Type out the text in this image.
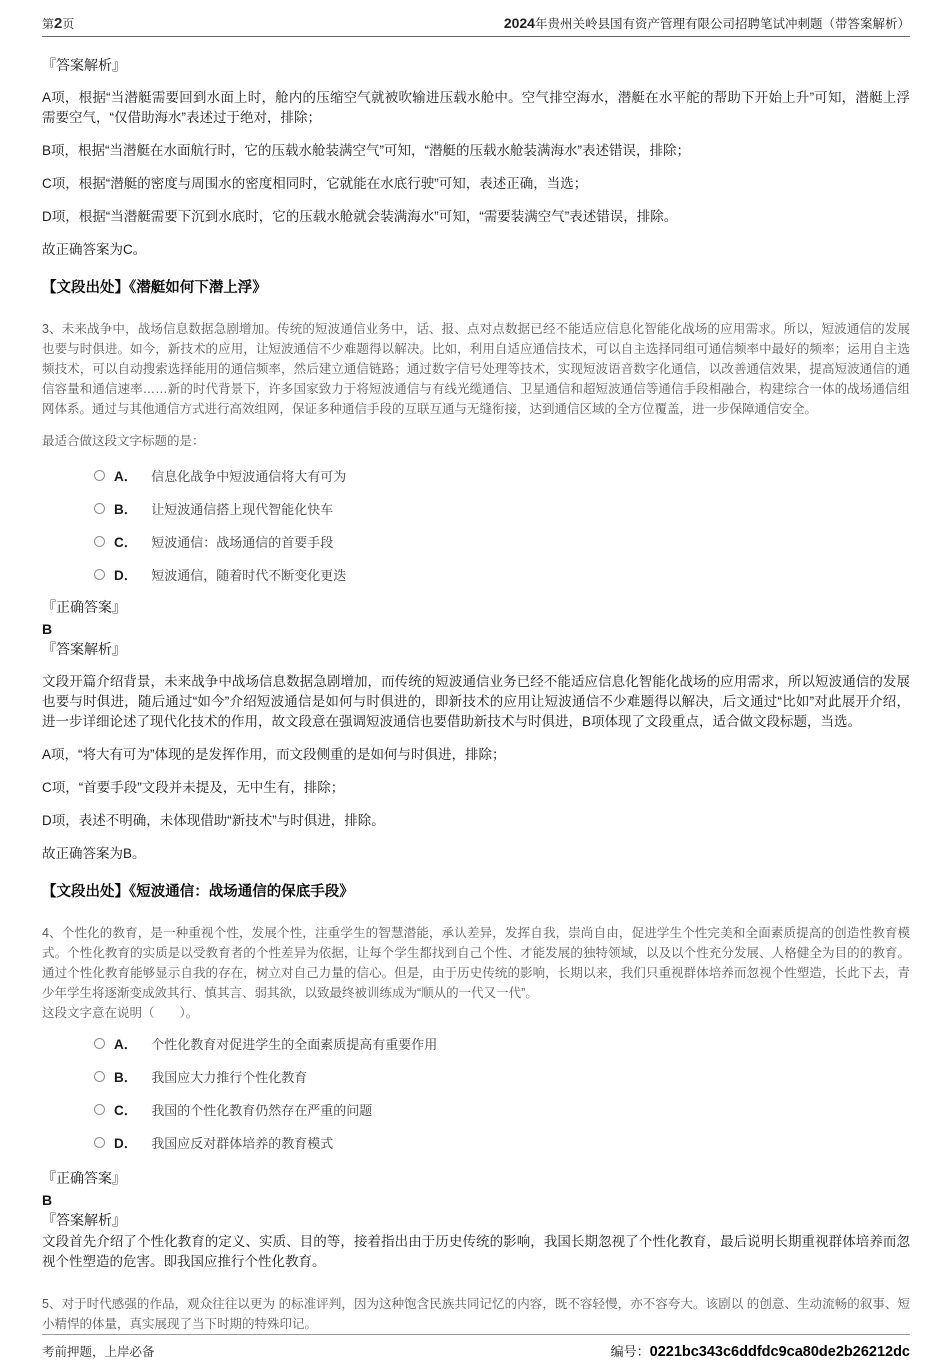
第2页	2024年贵州关岭县国有资产管理有限公司招聘笔试冲刺题（带答案解析）
『答案解析』

A项，根据“当潜艇需要回到水面上时，舱内的压缩空气就被吹输进压载水舱中。空气排空海水，潜艇在水平舵的帮助下开始上升”可知，潜艇上浮需要空气，“仅借助海水”表述过于绝对，排除；

B项，根据“当潜艇在水面航行时，它的压载水舱装满空气”可知，“潜艇的压载水舱装满海水”表述错误，排除；

C项，根据“潜艇的密度与周围水的密度相同时，它就能在水底行驶”可知，表述正确，当选；

D项，根据“当潜艇需要下沉到水底时，它的压载水舱就会装满海水”可知，“需要装满空气”表述错误，排除。

故正确答案为C。

【文段出处】《潜艇如何下潜上浮》

3、未来战争中，战场信息数据急剧增加。传统的短波通信业务中，话、报、点对点数据已经不能适应信息化智能化战场的应用需求。所以，短波通信的发展也要与时俱进。如今，新技术的应用，让短波通信不少难题得以解决。比如，利用自适应通信技术，可以自主选择同组可通信频率中最好的频率；运用自主选频技术，可以自动搜索选择能用的通信频率，然后建立通信链路；通过数字信号处理等技术，实现短波语音数字化通信，以改善通信效果，提高短波通信的通信容量和通信速率……新的时代背景下，许多国家致力于将短波通信与有线光缆通信、卫星通信和超短波通信等通信手段相融合，构建综合一体的战场通信组网体系。通过与其他通信方式进行高效组网，保证多种通信手段的互联互通与无缝衔接，达到通信区域的全方位覆盖，进一步保障通信安全。

最适合做这段文字标题的是：

A． 信息化战争中短波通信将大有可为
B． 让短波通信搭上现代智能化快车
C． 短波通信：战场通信的首要手段
D． 短波通信，随着时代不断变化更迭
『正确答案』
B
『答案解析』

文段开篇介绍背景，未来战争中战场信息数据急剧增加，而传统的短波通信业务已经不能适应信息化智能化战场的应用需求，所以短波通信的发展也要与时俱进，随后通过“如今”介绍短波通信是如何与时俱进的，即新技术的应用让短波通信不少难题得以解决，后文通过“比如”对此展开介绍，进一步详细论述了现代化技术的作用，故文段意在强调短波通信也要借助新技术与时俱进，B项体现了文段重点，适合做文段标题，当选。

A项，“将大有可为”体现的是发挥作用，而文段侧重的是如何与时俱进，排除；

C项，“首要手段”文段并未提及，无中生有，排除；

D项，表述不明确，未体现借助“新技术”与时俱进，排除。

故正确答案为B。

【文段出处】《短波通信：战场通信的保底手段》

4、个性化的教育，是一种重视个性，发展个性，注重学生的智慧潜能，承认差异，发挥自我，崇尚自由，促进学生个性完美和全面素质提高的创造性教育模式。个性化教育的实质是以受教育者的个性差异为依据，让每个学生都找到自己个性、才能发展的独特领域，以及以个性充分发展、人格健全为目的的教育。通过个性化教育能够显示自我的存在，树立对自己力量的信心。但是，由于历史传统的影响，长期以来，我们只重视群体培养而忽视个性塑造，长此下去，青少年学生将逐渐变成敛其行、慎其言、弱其欲，以致最终被训练成为“顺从的一代又一代”。

这段文字意在说明（　　）。

A． 个性化教育对促进学生的全面素质提高有重要作用
B． 我国应大力推行个性化教育
C． 我国的个性化教育仍然存在严重的问题
D． 我国应反对群体培养的教育模式
『正确答案』
B
『答案解析』

文段首先介绍了个性化教育的定义、实质、目的等，接着指出由于历史传统的影响，我国长期忽视了个性化教育，最后说明长期重视群体培养而忽视个性塑造的危害。即我国应推行个性化教育。

5、对于时代感强的作品，观众往往以更为 的标准评判，因为这种饱含民族共同记忆的内容，既不容轻慢，亦不容夸大。该剧以 的创意、生动流畅的叙事、短小精悍的体量，真实展现了当下时期的特殊印记。

考前押题，上岸必备	编号：0221bc343c6ddfdc9ca80de2b26212dc
